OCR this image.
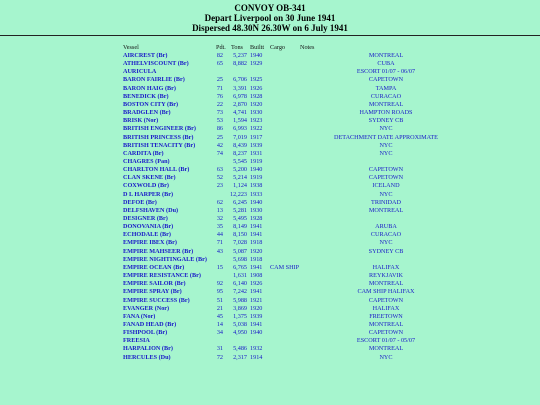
CONVOY OB-341
Depart Liverpool on 30 June 1941
Dispersed 48.30N 26.30W on 6 July 1941
Vessel	Pdt. Tons Builtt Cargo Notes
AIRCREST (Br)	82	5,237 1940	MONTREAL
ATHELVISCOUNT (Br)	65	8,882 1929	CUBA
AURICULA	ESCORT 01/07 - 06/07
BARON FAIRLIE (Br)	25	6,706 1925	CAPETOWN
BARON HAIG (Br)	71	3,391 1926	TAMPA
BENEDICK (Br)	76	6,978 1928	CURACAO
BOSTON CITY (Br)	22	2,870 1920	MONTREAL
BRADGLEN (Br)	73	4,741 1930	HAMPTON ROADS
BRISK (Nor)	53	1,594 1923	SYDNEY CB
BRITISH ENGINEER (Br)	86	6,993 1922	NYC
BRITISH PRINCESS (Br)	25	7,019 1917	DETACHMENT DATE APPROXIMATE
BRITISH TENACITY (Br)	42	8,439 1939	NYC
CARDITA (Br)	74	8,237 1931	NYC
CHAGRES (Pan)	5,545 1919
CHARLTON HALL (Br)	63	5,200 1940	CAPETOWN
CLAN SKENE (Br)	52	5,214 1919	CAPETOWN
COXWOLD (Br)	23	1,124 1938	ICELAND
D L HARPER (Br)	12,223 1933	NYC
DEFOE (Br)	62	6,245 1940	TRINIDAD
DELFSHAVEN (Du)	13	5,281 1930	MONTREAL
DESIGNER (Br)	32	5,495 1928
DONOVANIA (Br)	35	8,149 1941	ARUBA
ECHODALE (Br)	44	8,150 1941	CURACAO
EMPIRE IBEX (Br)	71	7,028 1918	NYC
EMPIRE MAHSEER (Br)	43	5,087 1920	SYDNEY CB
EMPIRE NIGHTINGALE (Br)	5,698 1918
EMPIRE OCEAN (Br)	15	6,765 1941 CAM SHIP	HALIFAX
EMPIRE RESISTANCE (Br)	1,631 1908	REYKJAVIK
EMPIRE SAILOR (Br)	92	6,140 1926	MONTREAL
EMPIRE SPRAY (Br)	95	7,242 1941	CAM SHIP HALIFAX
EMPIRE SUCCESS (Br)	51	5,988 1921	CAPETOWN
EVANGER (Nor)	21	3,869 1920	HALIFAX
FANA (Nor)	45	1,375 1939	FREETOWN
FANAD HEAD (Br)	14	5,038 1941	MONTREAL
FISHPOOL (Br)	34	4,950 1940	CAPETOWN
FREESIA	ESCORT 01/07 - 05/07
HARPALION (Br)	31	5,486 1932	MONTREAL
HERCULES (Du)	72	2,317 1914	NYC
